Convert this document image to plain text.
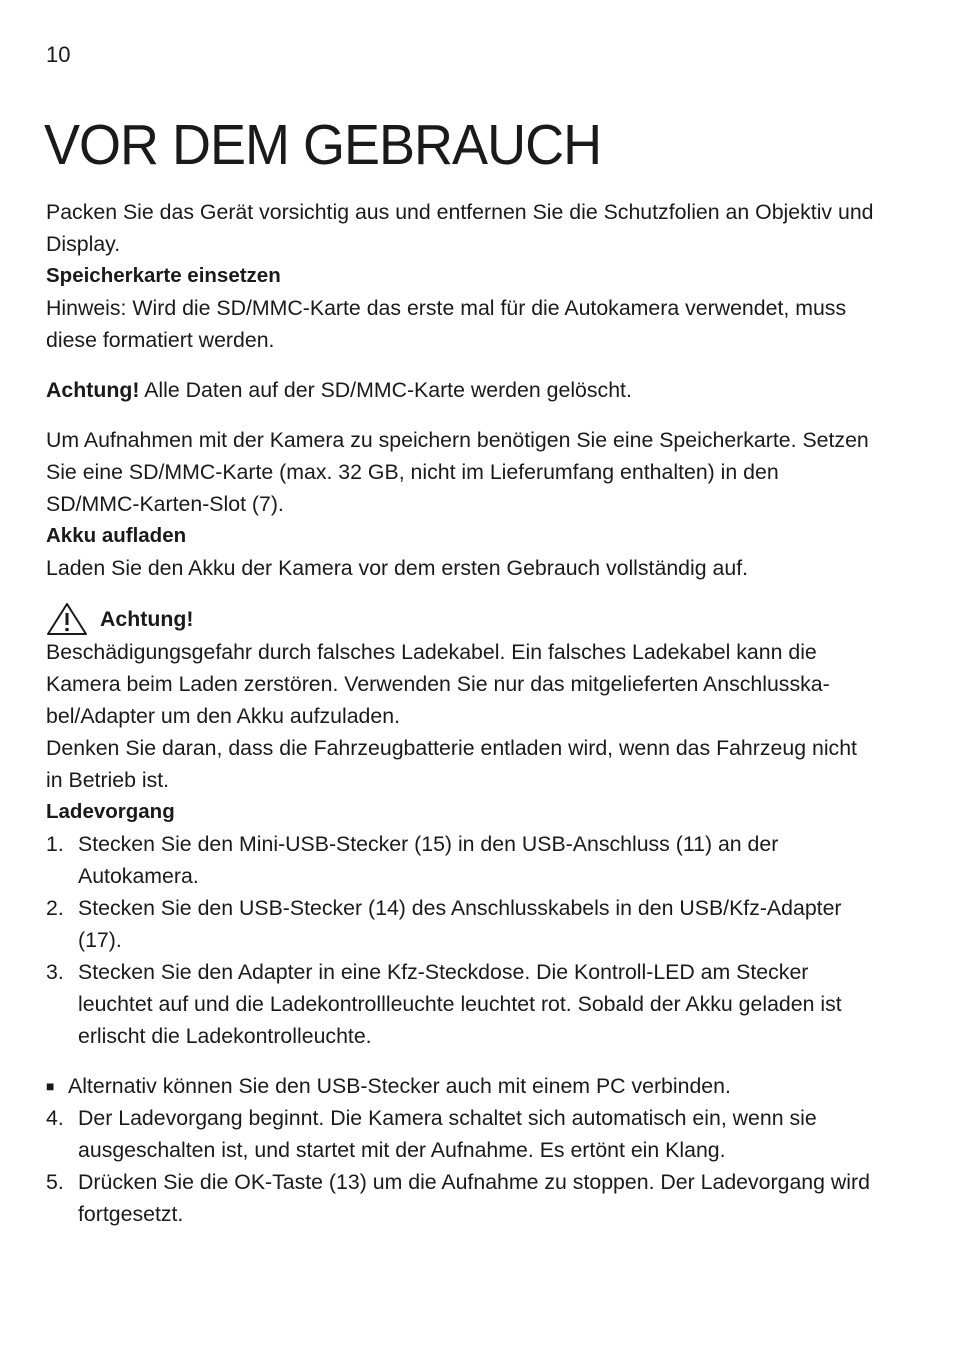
10
VOR DEM GEBRAUCH

Packen Sie das Gerät vorsichtig aus und entfernen Sie die Schutzfolien an Objektiv und Display.

Speicherkarte einsetzen

Hinweis: Wird die SD/MMC-Karte das erste mal für die Autokamera verwendet, muss diese formatiert werden.

Achtung! Alle Daten auf der SD/MMC-Karte werden gelöscht.

Um Aufnahmen mit der Kamera zu speichern benötigen Sie eine Speicherkarte. Setzen Sie eine SD/MMC-Karte (max. 32 GB, nicht im Lieferumfang enthalten) in den SD/MMC-Karten-Slot (7).

Akku aufladen

Laden Sie den Akku der Kamera vor dem ersten Gebrauch vollständig auf.

Achtung!

Beschädigungsgefahr durch falsches Ladekabel. Ein falsches Ladekabel kann die Kamera beim Laden zerstören. Verwenden Sie nur das mitgelieferten Anschlusska-bel/Adapter um den Akku aufzuladen.

Denken Sie daran, dass die Fahrzeugbatterie entladen wird, wenn das Fahrzeug nicht in Betrieb ist.

Ladevorgang

1. Stecken Sie den Mini-USB-Stecker (15) in den USB-Anschluss (11) an der Autokamera.
2. Stecken Sie den USB-Stecker (14) des Anschlusskabels in den USB/Kfz-Adapter (17).
3. Stecken Sie den Adapter in eine Kfz-Steckdose. Die Kontroll-LED am Stecker leuchtet auf und die Ladekontrollleuchte leuchtet rot. Sobald der Akku geladen ist erlischt die Ladekontrolleuchte.
■ Alternativ können Sie den USB-Stecker auch mit einem PC verbinden.
4. Der Ladevorgang beginnt. Die Kamera schaltet sich automatisch ein, wenn sie ausgeschalten ist, und startet mit der Aufnahme. Es ertönt ein Klang.
5. Drücken Sie die OK-Taste (13) um die Aufnahme zu stoppen. Der Ladevorgang wird fortgesetzt.
